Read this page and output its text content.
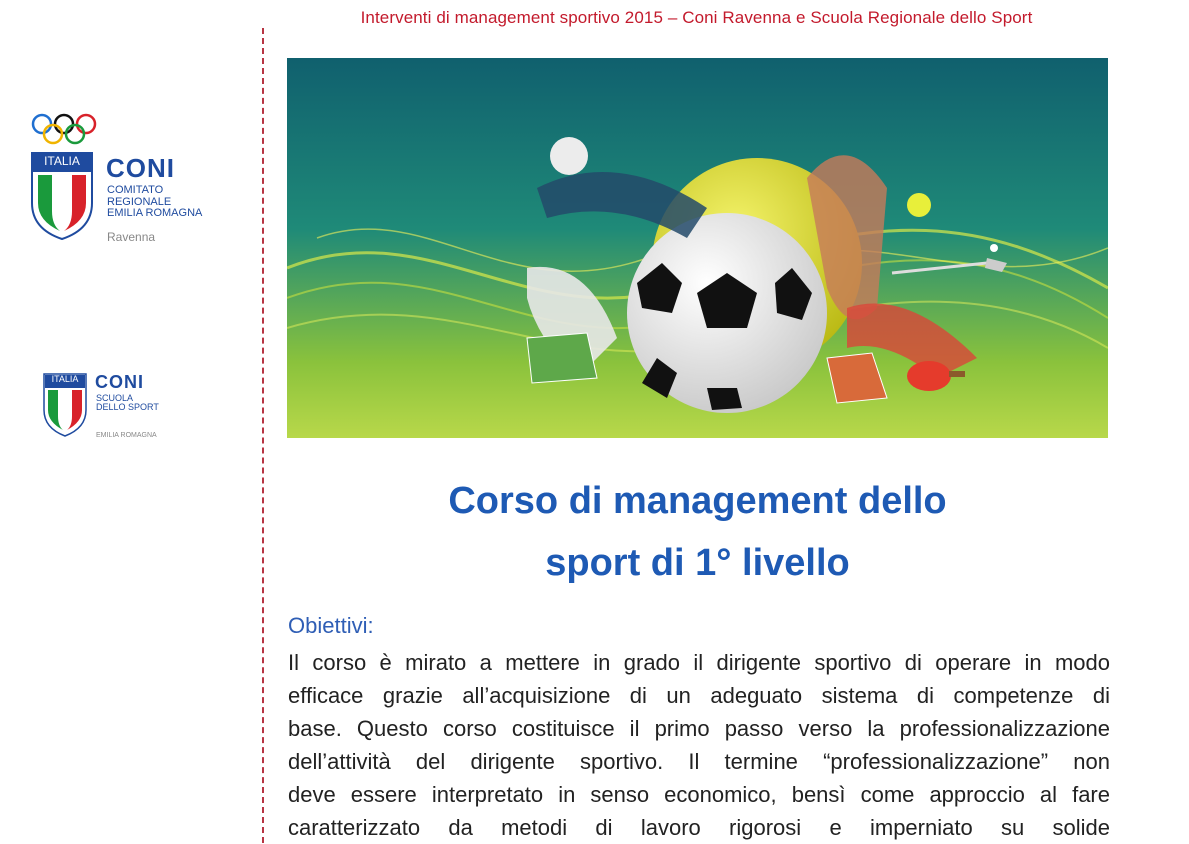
Interventi di management sportivo 2015 – Coni Ravenna e Scuola Regionale dello Sport
ITALIA	CONI
COMITATO
REGIONALE
EMILIA ROMAGNA
Ravenna
ITALIA CONI
SCUOLA
DELLO SPORT
EMILIA ROMAGNA
Corso di management dello
sport di 1° livello
Obiettivi:
Il corso è mirato a mettere in grado il dirigente sportivo di operare in modo
efficace grazie all’acquisizione di un adeguato sistema di competenze di
base. Questo corso costituisce il primo passo verso la professionalizzazione
dell’attività del dirigente sportivo. Il termine “professionalizzazione” non
deve essere interpretato in senso economico, bensì come approccio al fare
caratterizzato da metodi di lavoro rigorosi e imperniato su solide
